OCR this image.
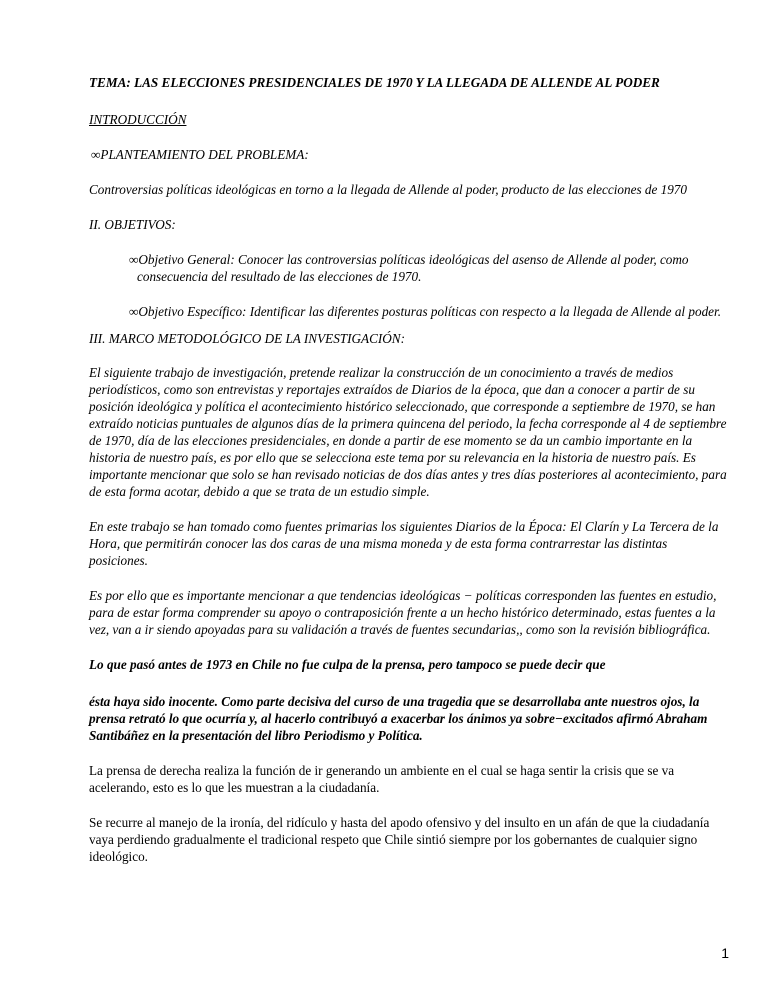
TEMA: LAS ELECCIONES PRESIDENCIALES DE 1970 Y LA LLEGADA DE ALLENDE AL PODER

INTRODUCCIÓN

∞PLANTEAMIENTO DEL PROBLEMA:

Controversias políticas ideológicas en torno a la llegada de Allende al poder, producto de las elecciones de 1970

II. OBJETIVOS:

∞Objetivo General: Conocer las controversias políticas ideológicas del asenso de Allende al poder, como consecuencia del resultado de las elecciones de 1970.

∞Objetivo Específico: Identificar las diferentes posturas políticas con respecto a la llegada de Allende al poder.

III. MARCO METODOLÓGICO DE LA INVESTIGACIÓN:

El siguiente trabajo de investigación, pretende realizar la construcción de un conocimiento a través de medios periodísticos, como son entrevistas y reportajes extraídos de Diarios de la época, que dan a conocer a partir de su posición ideológica y política el acontecimiento histórico seleccionado, que corresponde a septiembre de 1970, se han extraído noticias puntuales de algunos días de la primera quincena del periodo, la fecha corresponde al 4 de septiembre de 1970, día de las elecciones presidenciales, en donde a partir de ese momento se da un cambio importante en la historia de nuestro país, es por ello que se selecciona este tema por su relevancia en la historia de nuestro país. Es importante mencionar que solo se han revisado noticias de dos días antes y tres días posteriores al acontecimiento, para de esta forma acotar, debido a que se trata de un estudio simple.

En este trabajo se han tomado como fuentes primarias los siguientes Diarios de la Época: El Clarín y La Tercera de la Hora, que permitirán conocer las dos caras de una misma moneda y de esta forma contrarrestar las distintas posiciones.

Es por ello que es importante mencionar a que tendencias ideológicas − políticas corresponden las fuentes en estudio, para de estar forma comprender su apoyo o contraposición frente a un hecho histórico determinado, estas fuentes a la vez, van a ir siendo apoyadas para su validación a través de fuentes secundarias,, como son la revisión bibliográfica.

Lo que pasó antes de 1973 en Chile no fue culpa de la prensa, pero tampoco se puede decir que

ésta haya sido inocente. Como parte decisiva del curso de una tragedia que se desarrollaba ante nuestros ojos, la prensa retrató lo que ocurría y, al hacerlo contribuyó a exacerbar los ánimos ya sobre−excitados afirmó Abraham Santibáñez en la presentación del libro Periodismo y Política.

La prensa de derecha realiza la función de ir generando un ambiente en el cual se haga sentir la crisis que se va acelerando, esto es lo que les muestran a la ciudadanía.

Se recurre al manejo de la ironía, del ridículo y hasta del apodo ofensivo y del insulto en un afán de que la ciudadanía vaya perdiendo gradualmente el tradicional respeto que Chile sintió siempre por los gobernantes de cualquier signo ideológico.

1
